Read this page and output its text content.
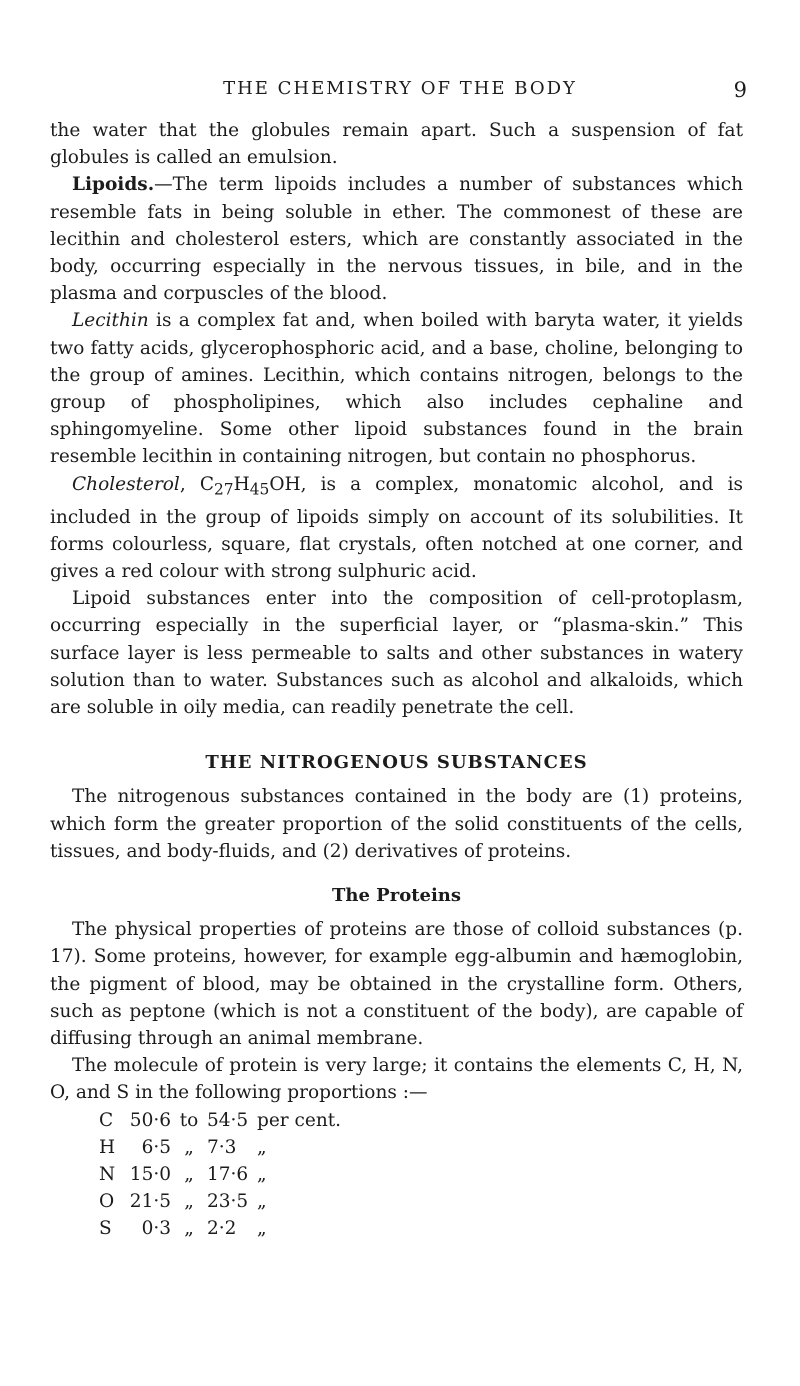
THE CHEMISTRY OF THE BODY	9

the water that the globules remain apart. Such a suspension of fat globules is called an emulsion.

Lipoids.—The term lipoids includes a number of substances which resemble fats in being soluble in ether. The commonest of these are lecithin and cholesterol esters, which are constantly associated in the body, occurring especially in the nervous tissues, in bile, and in the plasma and corpuscles of the blood.

Lecithin is a complex fat and, when boiled with baryta water, it yields two fatty acids, glycerophosphoric acid, and a base, choline, belonging to the group of amines. Lecithin, which contains nitrogen, belongs to the group of phospholipines, which also includes cephaline and sphingomyeline. Some other lipoid substances found in the brain resemble lecithin in containing nitrogen, but contain no phosphorus.

Cholesterol, $C_{27}H_{45}OH$, is a complex, monatomic alcohol, and is included in the group of lipoids simply on account of its solubilities. It forms colourless, square, flat crystals, often notched at one corner, and gives a red colour with strong sulphuric acid.

Lipoid substances enter into the composition of cell-protoplasm, occurring especially in the superficial layer, or “plasma-skin.” This surface layer is less permeable to salts and other substances in watery solution than to water. Substances such as alcohol and alkaloids, which are soluble in oily media, can readily penetrate the cell.

THE NITROGENOUS SUBSTANCES

The nitrogenous substances contained in the body are (1) proteins, which form the greater proportion of the solid constituents of the cells, tissues, and body-fluids, and (2) derivatives of proteins.

The Proteins

The physical properties of proteins are those of colloid substances (p. 17). Some proteins, however, for example egg-albumin and hæmoglobin, the pigment of blood, may be obtained in the crystalline form. Others, such as peptone (which is not a constituent of the body), are capable of diffusing through an animal membrane.

The molecule of protein is very large; it contains the elements C, H, N, O, and S in the following proportions :—

C	50·6	to	54·5	per cent.
H	6·5	„	7·3	„
N	15·0	„	17·6	„
O	21·5	„	23·5	„
S	0·3	„	2·2	„
